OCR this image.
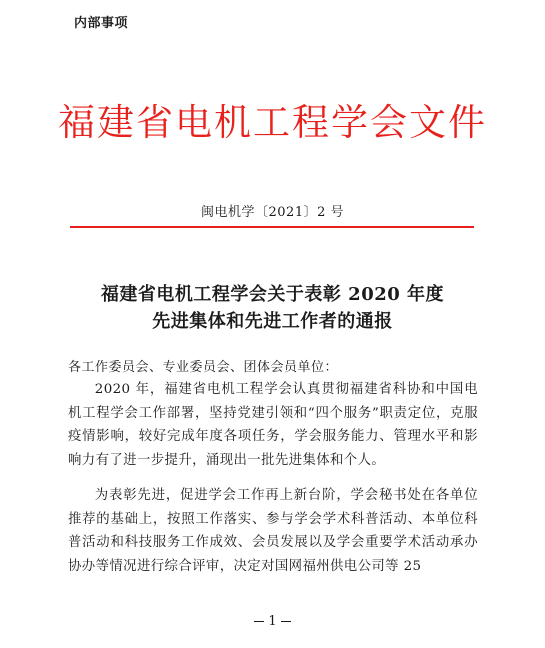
内部事项
福建省电机工程学会文件
闽电机学〔2021〕2 号
福建省电机工程学会关于表彰 2020 年度
先进集体和先进工作者的通报
各工作委员会、专业委员会、团体会员单位：

2020 年，福建省电机工程学会认真贯彻福建省科协和中国电机工程学会工作部署，坚持党建引领和“四个服务”职责定位，克服疫情影响，较好完成年度各项任务，学会服务能力、管理水平和影响力有了进一步提升，涌现出一批先进集体和个人。

为表彰先进，促进学会工作再上新台阶，学会秘书处在各单位推荐的基础上，按照工作落实、参与学会学术科普活动、本单位科普活动和科技服务工作成效、会员发展以及学会重要学术活动承办协办等情况进行综合评审，决定对国网福州供电公司等 25

1
